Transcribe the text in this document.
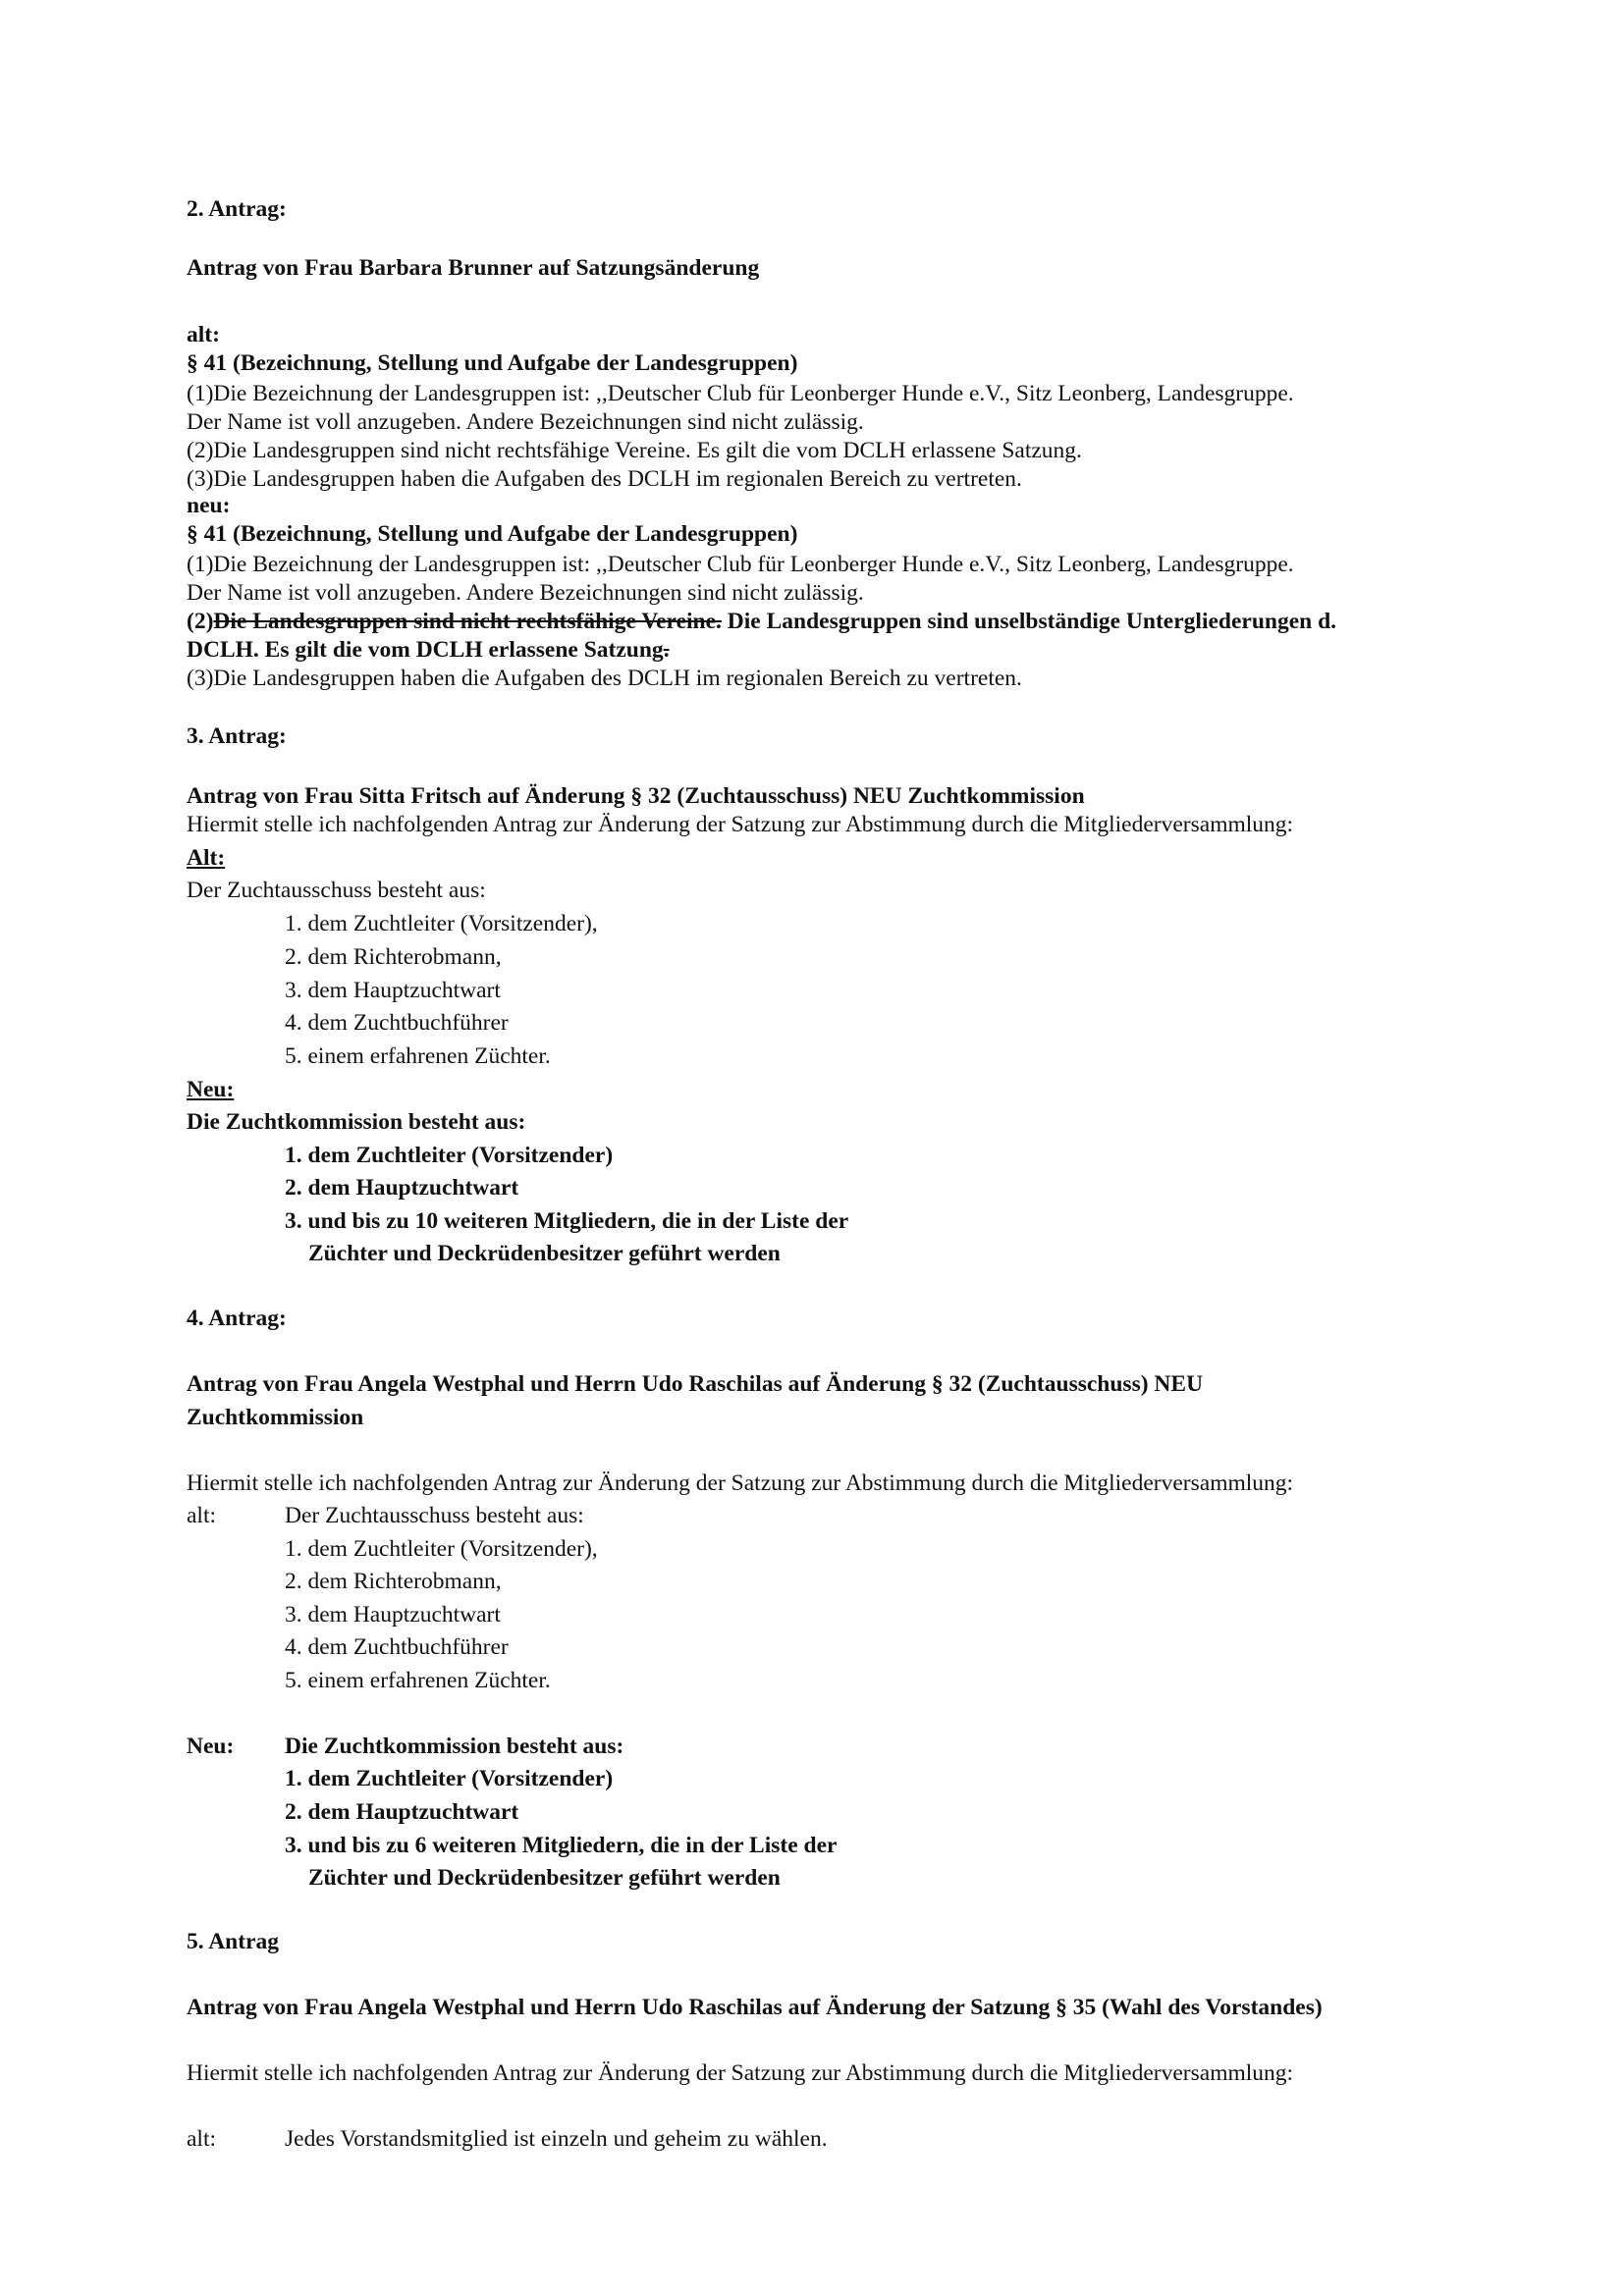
2. Antrag:
Antrag von Frau Barbara Brunner auf Satzungsänderung
alt:
§ 41 (Bezeichnung, Stellung und Aufgabe der Landesgruppen)
(1)Die Bezeichnung der Landesgruppen ist: ,,Deutscher Club für Leonberger Hunde e.V., Sitz Leonberg, Landesgruppe.
Der Name ist voll anzugeben. Andere Bezeichnungen sind nicht zulässig.
(2)Die Landesgruppen sind nicht rechtsfähige Vereine. Es gilt die vom DCLH erlassene Satzung.
(3)Die Landesgruppen haben die Aufgaben des DCLH im regionalen Bereich zu vertreten.
neu:
§ 41 (Bezeichnung, Stellung und Aufgabe der Landesgruppen)
(1)Die Bezeichnung der Landesgruppen ist: ,,Deutscher Club für Leonberger Hunde e.V., Sitz Leonberg, Landesgruppe.
Der Name ist voll anzugeben. Andere Bezeichnungen sind nicht zulässig.
(2)Die Landesgruppen sind nicht rechtsfähige Vereine. Die Landesgruppen sind unselbständige Untergliederungen d.
DCLH. Es gilt die vom DCLH erlassene Satzung.
(3)Die Landesgruppen haben die Aufgaben des DCLH im regionalen Bereich zu vertreten.
3. Antrag:
Antrag von Frau Sitta Fritsch auf Änderung § 32 (Zuchtausschuss) NEU Zuchtkommission
Hiermit stelle ich nachfolgenden Antrag zur Änderung der Satzung zur Abstimmung durch die Mitgliederversammlung:
Alt:
Der Zuchtausschuss besteht aus:
1. dem Zuchtleiter (Vorsitzender),
2. dem Richterobmann,
3. dem Hauptzuchtwart
4. dem Zuchtbuchführer
5. einem erfahrenen Züchter.
Neu:
Die Zuchtkommission besteht aus:
1. dem Zuchtleiter (Vorsitzender)
2. dem Hauptzuchtwart
3. und bis zu 10 weiteren Mitgliedern, die in der Liste der
Züchter und Deckrüdenbesitzer geführt werden
4. Antrag:
Antrag von Frau Angela Westphal und Herrn Udo Raschilas auf Änderung § 32 (Zuchtausschuss) NEU
Zuchtkommission
Hiermit stelle ich nachfolgenden Antrag zur Änderung der Satzung zur Abstimmung durch die Mitgliederversammlung:
alt:	Der Zuchtausschuss besteht aus:
1. dem Zuchtleiter (Vorsitzender),
2. dem Richterobmann,
3. dem Hauptzuchtwart
4. dem Zuchtbuchführer
5. einem erfahrenen Züchter.
Neu: Die Zuchtkommission besteht aus:
1. dem Zuchtleiter (Vorsitzender)
2. dem Hauptzuchtwart
3. und bis zu 6 weiteren Mitgliedern, die in der Liste der
Züchter und Deckrüdenbesitzer geführt werden
5. Antrag
Antrag von Frau Angela Westphal und Herrn Udo Raschilas auf Änderung der Satzung § 35 (Wahl des Vorstandes)
Hiermit stelle ich nachfolgenden Antrag zur Änderung der Satzung zur Abstimmung durch die Mitgliederversammlung:
alt:	Jedes Vorstandsmitglied ist einzeln und geheim zu wählen.
